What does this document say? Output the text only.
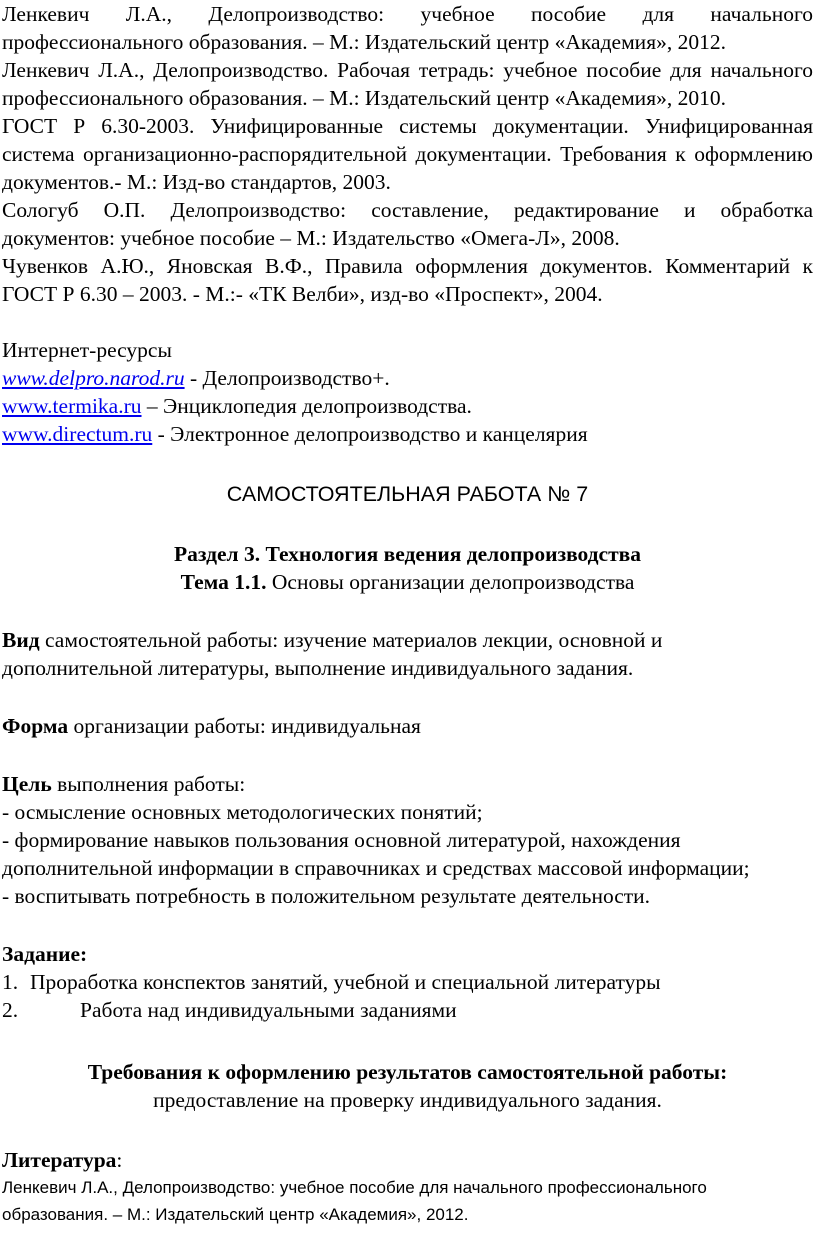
Ленкевич Л.А., Делопроизводство: учебное пособие для начального профессионального образования. – М.: Издательский центр «Академия», 2012.

Ленкевич Л.А., Делопроизводство. Рабочая тетрадь: учебное пособие для начального профессионального образования. – М.: Издательский центр «Академия», 2010.

ГОСТ Р 6.30-2003. Унифицированные системы документации. Унифицированная система организационно-распорядительной документации. Требования к оформлению документов.- М.: Изд-во стандартов, 2003.

Сологуб О.П. Делопроизводство: составление, редактирование и обработка документов: учебное пособие – М.: Издательство «Омега-Л», 2008.

Чувенков А.Ю., Яновская В.Ф., Правила оформления документов. Комментарий к ГОСТ Р 6.30 – 2003. - М.:- «ТК Велби», изд-во «Проспект», 2004.

Интернет-ресурсы

www.delpro.narod.ru - Делопроизводство+.

www.termika.ru – Энциклопедия делопроизводства.

www.directum.ru - Электронное делопроизводство и канцелярия

САМОСТОЯТЕЛЬНАЯ РАБОТА № 7

Раздел 3. Технология ведения делопроизводства

Тема 1.1. Основы организации делопроизводства

Вид самостоятельной работы: изучение материалов лекции, основной и дополнительной литературы, выполнение индивидуального задания.

Форма организации работы: индивидуальная

Цель выполнения работы:

- осмысление основных методологических понятий;

- формирование навыков пользования основной литературой, нахождения дополнительной информации в справочниках и средствах массовой информации;

- воспитывать потребность в положительном результате деятельности.

Задание:

1. Проработка конспектов занятий, учебной и специальной литературы
2.	Работа над индивидуальными заданиями

Требования к оформлению результатов самостоятельной работы:

предоставление на проверку индивидуального задания.

Литература:

Ленкевич Л.А., Делопроизводство: учебное пособие для начального профессионального образования. – М.: Издательский центр «Академия», 2012.
